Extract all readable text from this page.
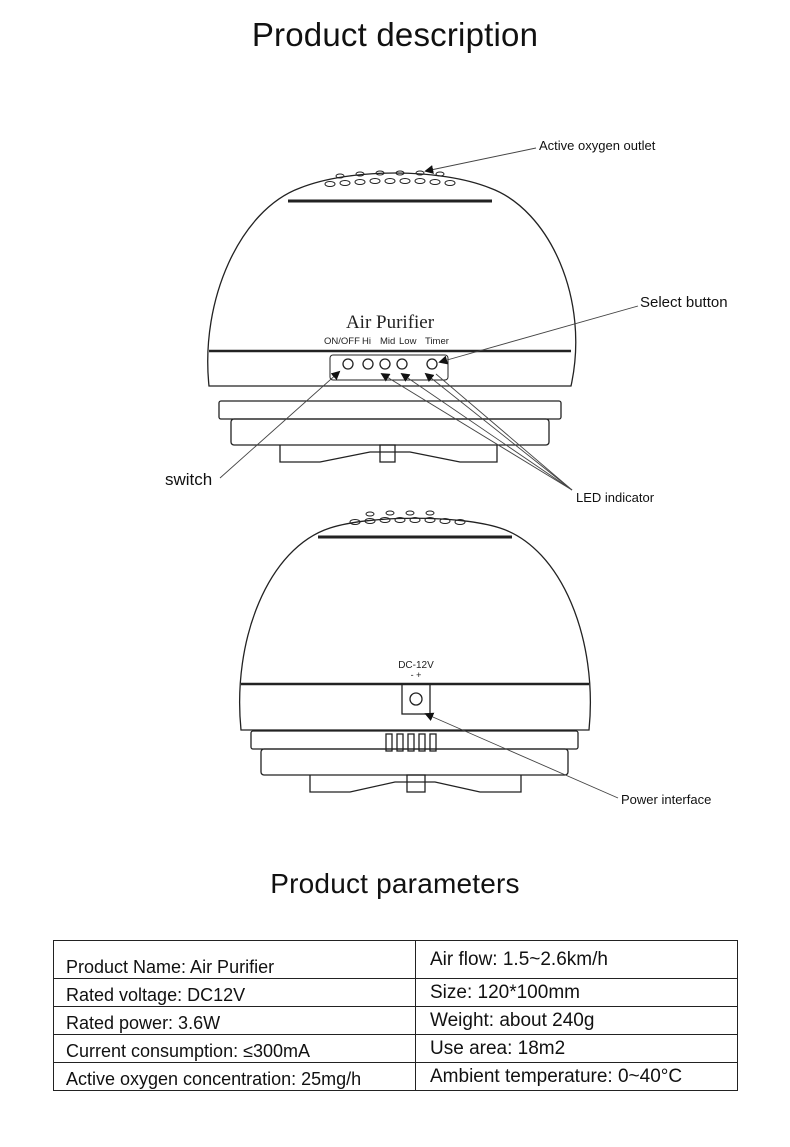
Product description
Air Purifier
ON/OFF Hi Mid Low Timer
DC-12V
- +
Active oxygen outlet
Select button
switch
LED indicator
Power interface
Product parameters
Product Name: Air Purifier	Air flow: 1.5~2.6km/h
Rated voltage: DC12V	Size: 120*100mm
Rated power: 3.6W	Weight: about 240g
Current consumption: ≤300mA	Use area: 18m2
Active oxygen concentration: 25mg/h	Ambient temperature: 0~40°C
